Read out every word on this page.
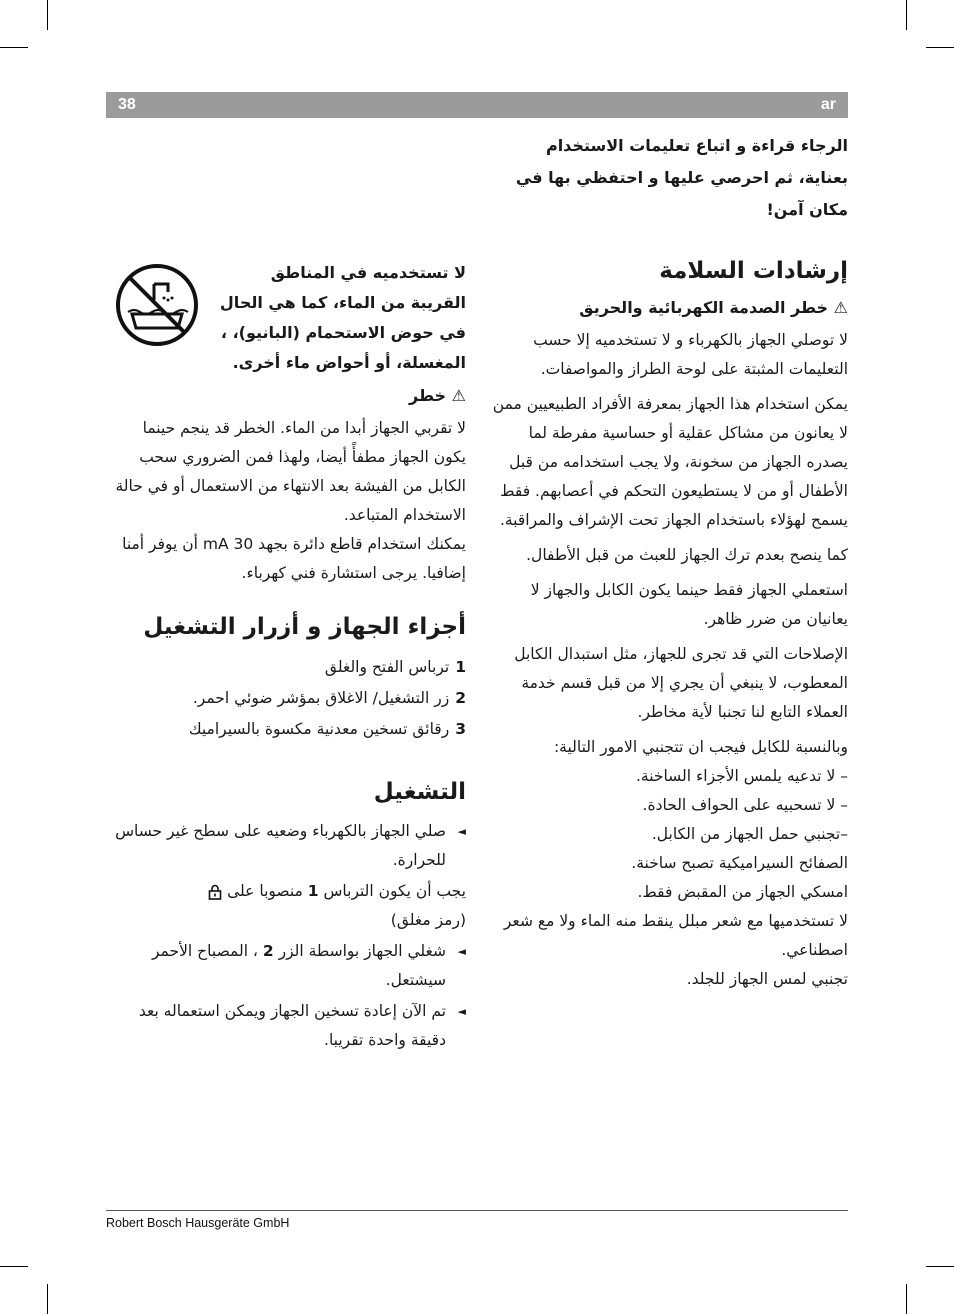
38	ar
الرجاء قراءة و اتباع تعليمات الاستخدام
بعناية، ثم احرصي عليها و احتفظي بها في
مكان آمن!
إرشادات السلامة
⚠ خطر الصدمة الكهربائية والحريق

لا توصلي الجهاز بالكهرباء و لا تستخدميه إلا حسب التعليمات المثبتة على لوحة الطراز والمواصفات.

يمكن استخدام هذا الجهاز بمعرفة الأفراد الطبيعيين ممن لا يعانون من مشاكل عقلية أو حساسية مفرطة لما يصدره الجهاز من سخونة، ولا يجب استخدامه من قبل الأطفال أو من لا يستطيعون التحكم في أعصابهم. فقط يسمح لهؤلاء باستخدام الجهاز تحت الإشراف والمراقبة.

كما ينصح بعدم ترك الجهاز للعبث من قبل الأطفال.

استعملي الجهاز فقط حينما يكون الكابل والجهاز لا يعانيان من ضرر ظاهر.

الإصلاحات التي قد تجرى للجهاز، مثل استبدال الكابل المعطوب، لا ينبغي أن يجري إلا من قبل قسم خدمة العملاء التابع لنا تجنبا لأية مخاطر.

وبالنسبة للكابل فيجب ان تتجنبي الامور التالية:

– لا تدعيه يلمس الأجزاء الساخنة.
– لا تسحبيه على الحواف الحادة.
–تجنبي حمل الجهاز من الكابل.

الصفائح السيراميكية تصبح ساخنة.

امسكي الجهاز من المقبض فقط.

لا تستخدميها مع شعر مبلل ينقط منه الماء ولا مع شعر اصطناعي.

تجنبي لمس الجهاز للجلد.

لا تستخدميه في المناطق القريبة من الماء، كما هي الحال في حوض الاستحمام (البانيو)، ، المغسلة، أو أحواض ماء أخرى.
⚠ خطر

لا تقربي الجهاز أبدا من الماء. الخطر قد ينجم حينما يكون الجهاز مطفأً أيضا، ولهذا فمن الضروري سحب الكابل من الفيشة بعد الانتهاء من الاستعمال أو في حالة الاستخدام المتباعد.

يمكنك استخدام قاطع دائرة بجهد 30 mA أن يوفر أمنا إضافيا. يرجى استشارة فني كهرباء.

أجزاء الجهاز و أزرار التشغيل
1ترباس الفتح والغلق
2زر التشغيل/ الاغلاق بمؤشر ضوئي احمر.
3رقائق تسخين معدنية مكسوة بالسيراميك
التشغيل
◄
صلي الجهاز بالكهرباء وضعيه على سطح غير حساس للحرارة.
يجب أن يكون الترباس 1 منصوبا على
(رمز مغلق)
◄
شغلي الجهاز بواسطة الزر 2 ، المصباح الأحمر سيشتعل.
◄
تم الآن إعادة تسخين الجهاز ويمكن استعماله بعد دقيقة واحدة تقريبا.
Robert Bosch Hausgeräte GmbH
